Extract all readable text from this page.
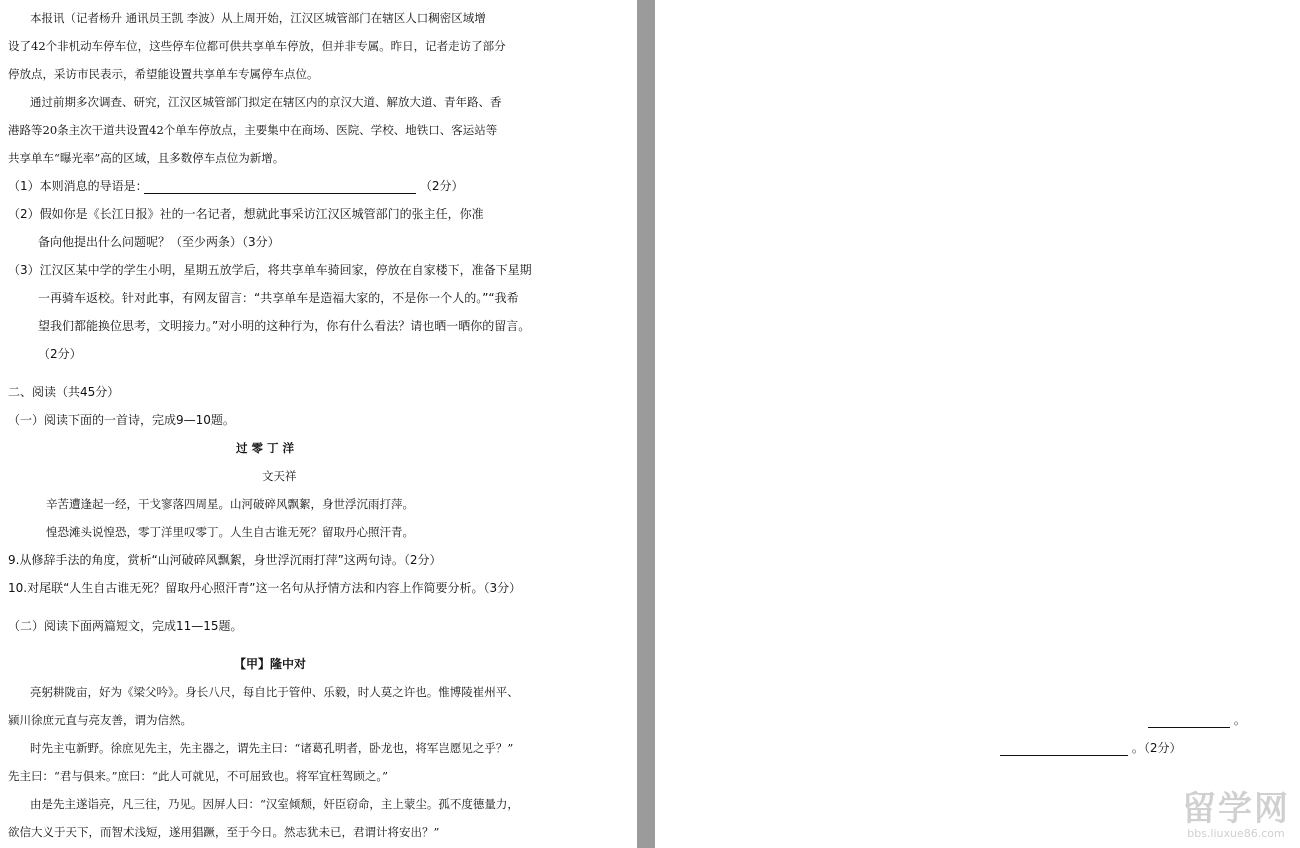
本报讯（记者杨升 通讯员王凯 李波）从上周开始，江汉区城管部门在辖区人口稠密区域增
设了42个非机动车停车位，这些停车位都可供共享单车停放，但并非专属。昨日，记者走访了部分
停放点，采访市民表示，希望能设置共享单车专属停车点位。
通过前期多次调查、研究，江汉区城管部门拟定在辖区内的京汉大道、解放大道、青年路、香
港路等20条主次干道共设置42个单车停放点，主要集中在商场、医院、学校、地铁口、客运站等
共享单车“曝光率”高的区域，且多数停车点位为新增。
（1）本则消息的导语是：
（2）假如你是《长江日报》社的一名记者，想就此事采访江汉区城管部门的张主任，你准
备向他提出什么问题呢？（至少两条）（3分）
（3）江汉区某中学的学生小明，星期五放学后，将共享单车骑回家，停放在自家楼下，准备下星期
一再骑车返校。针对此事，有网友留言：“共享单车是造福大家的，不是你一个人的。”“我希
望我们都能换位思考，文明接力。”对小明的这种行为，你有什么看法？请也晒一晒你的留言。
（2分）
二、阅读（共45分）
（一）阅读下面的一首诗，完成9—10题。
过 零 丁 洋
文天祥
辛苦遭逢起一经，干戈寥落四周星。山河破碎风飘絮，身世浮沉雨打萍。
惶恐滩头说惶恐，零丁洋里叹零丁。人生自古谁无死？留取丹心照汗青。
9.从修辞手法的角度，赏析“山河破碎风飘絮，身世浮沉雨打萍”这两句诗。（2分）
10.对尾联“人生自古谁无死？留取丹心照汗青”这一名句从抒情方法和内容上作简要分析。（3分）
（二）阅读下面两篇短文，完成11—15题。
【甲】隆中对
亮躬耕陇亩，好为《梁父吟》。身长八尺，每自比于管仲、乐毅，时人莫之许也。惟博陵崔州平、
颍川徐庶元直与亮友善，谓为信然。
时先主屯新野。徐庶见先主，先主器之，谓先主曰：“诸葛孔明者，卧龙也，将军岂愿见之乎？”
先主曰：“君与俱来。”庶曰：“此人可就见，不可屈致也。将军宜枉驾顾之。”
由是先主遂诣亮，凡三往，乃见。因屏人曰：“汉室倾颓，奸臣窃命，主上蒙尘。孤不度德量力，
欲信大义于天下，而智术浅短，遂用猖蹶，至于今日。然志犹未已，君谓计将安出？”
（2分）
。
。（2分）
留学网
bbs.liuxue86.com
